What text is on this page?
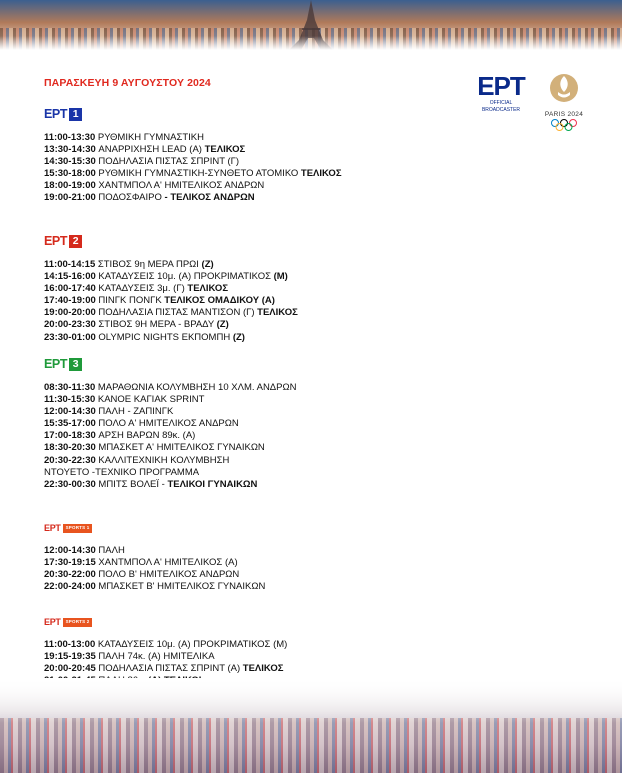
ΠΑΡΑΣΚΕΥΗ 9 ΑΥΓΟΥΣΤΟΥ 2024	ΕΡΤ
OFFICIAL
BROADCASTER
PARIS 2024
ΕΡΤ 1
11:00-13:30 ΡΥΘΜΙΚΗ ΓΥΜΝΑΣΤΙΚΗ
13:30-14:30 ΑΝΑΡΡΙΧΗΣΗ LEAD (Α) ΤΕΛΙΚΟΣ
14:30-15:30 ΠΟΔΗΛΑΣΙΑ ΠΙΣΤΑΣ ΣΠΡΙΝΤ (Γ)
15:30-18:00 ΡΥΘΜΙΚΗ ΓΥΜΝΑΣΤΙΚΗ-ΣΥΝΘΕΤΟ ΑΤΟΜΙΚΟ ΤΕΛΙΚΟΣ
18:00-19:00 ΧΑΝΤΜΠΟΛ Α' ΗΜΙΤΕΛΙΚΟΣ ΑΝΔΡΩΝ
19:00-21:00 ΠΟΔΟΣΦΑΙΡΟ - ΤΕΛΙΚΟΣ ΑΝΔΡΩΝ
ΕΡΤ 2
11:00-14:15 ΣΤΙΒΟΣ 9η ΜΕΡΑ ΠΡΩΙ (Ζ)
14:15-16:00 ΚΑΤΑΔΥΣΕΙΣ 10μ. (Α) ΠΡΟΚΡΙΜΑΤΙΚΟΣ (Μ)
16:00-17:40 ΚΑΤΑΔΥΣΕΙΣ 3μ. (Γ) ΤΕΛΙΚΟΣ
17:40-19:00 ΠΙΝΓΚ ΠΟΝΓΚ ΤΕΛΙΚΟΣ ΟΜΑΔΙΚΟΥ (Α)
19:00-20:00 ΠΟΔΗΛΑΣΙΑ ΠΙΣΤΑΣ ΜΑΝΤΙΣΟΝ (Γ) ΤΕΛΙΚΟΣ
20:00-23:30 ΣΤΙΒΟΣ 9Η ΜΕΡΑ - ΒΡΑΔΥ (Ζ)
23:30-01:00 OLYMPIC NIGHTS ΕΚΠΟΜΠΗ (Ζ)
ΕΡΤ 3
08:30-11:30 ΜΑΡΑΘΩΝΙΑ ΚΟΛΥΜΒΗΣΗ 10 ΧΛΜ. ΑΝΔΡΩΝ
11:30-15:30 ΚΑΝΟΕ ΚΑΓΙΑΚ SPRINT
12:00-14:30 ΠΑΛΗ - ΖΑΠΙΝΓΚ
15:35-17:00 ΠΟΛΟ Α' ΗΜΙΤΕΛΙΚΟΣ ΑΝΔΡΩΝ
17:00-18:30 ΑΡΣΗ ΒΑΡΩΝ 89κ. (Α)
18:30-20:30 ΜΠΑΣΚΕΤ Α' ΗΜΙΤΕΛΙΚΟΣ ΓΥΝΑΙΚΩΝ
20:30-22:30 ΚΑΛΛΙΤΕΧΝΙΚΗ ΚΟΛΥΜΒΗΣΗ
ΝΤΟΥΕΤΟ -ΤΕΧΝΙΚΟ ΠΡΟΓΡΑΜΜΑ
22:30-00:30 ΜΠΙΤΣ ΒΟΛΕΪ - ΤΕΛΙΚΟΙ ΓΥΝΑΙΚΩΝ
ΕΡΤ	SPORTS 1
12:00-14:30 ΠΑΛΗ
17:30-19:15 ΧΑΝΤΜΠΟΛ Α' ΗΜΙΤΕΛΙΚΟΣ (Α)
20:30-22:00 ΠΟΛΟ Β' ΗΜΙΤΕΛΙΚΟΣ ΑΝΔΡΩΝ
22:00-24:00 ΜΠΑΣΚΕΤ Β' ΗΜΙΤΕΛΙΚΟΣ ΓΥΝΑΙΚΩΝ
ΕΡΤ	SPORTS 2
11:00-13:00 ΚΑΤΑΔΥΣΕΙΣ 10μ. (Α) ΠΡΟΚΡΙΜΑΤΙΚΟΣ (Μ)
19:15-19:35 ΠΑΛΗ 74κ. (Α) ΗΜΙΤΕΛΙΚΑ
20:00-20:45 ΠΟΔΗΛΑΣΙΑ ΠΙΣΤΑΣ ΣΠΡΙΝΤ (Α) ΤΕΛΙΚΟΣ
